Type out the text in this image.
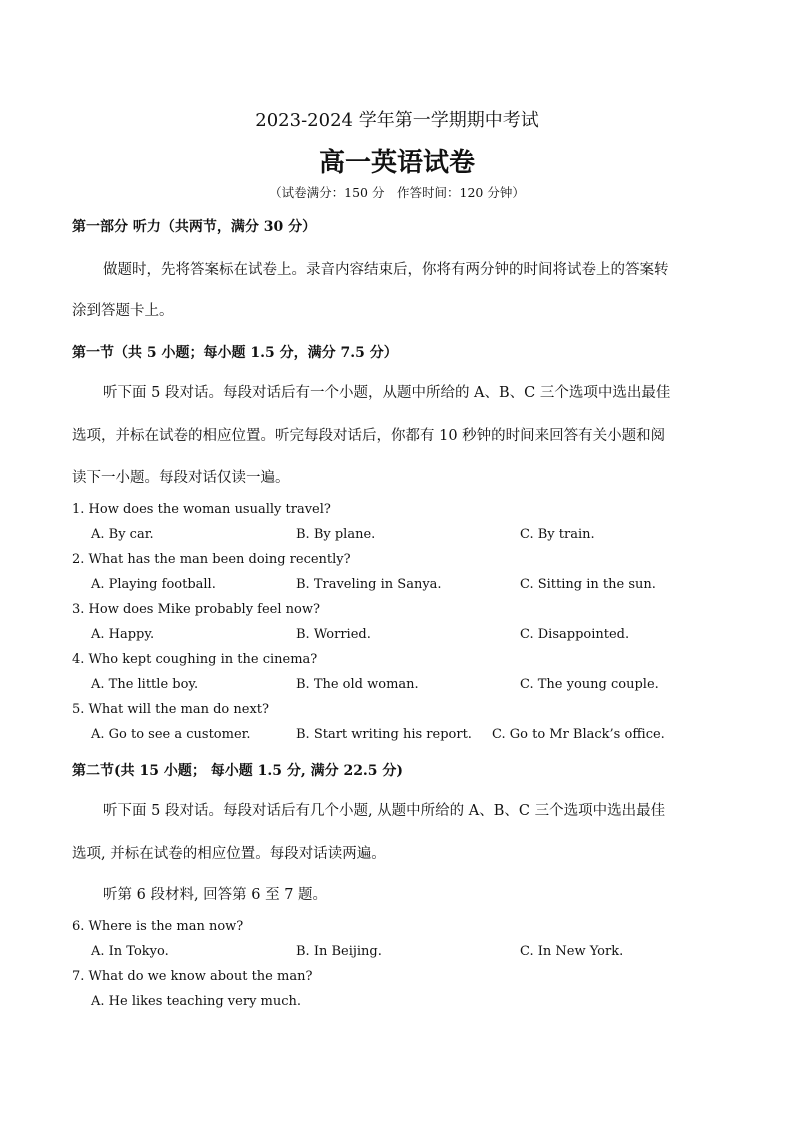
2023-2024 学年第一学期期中考试
高一英语试卷
（试卷满分：150 分　作答时间：120 分钟）
第一部分 听力（共两节，满分 30 分）
做题时，先将答案标在试卷上。录音内容结束后，你将有两分钟的时间将试卷上的答案转
涂到答题卡上。
第一节（共 5 小题；每小题 1.5 分，满分 7.5 分）
听下面 5 段对话。每段对话后有一个小题，从题中所给的 A、B、C 三个选项中选出最佳
选项，并标在试卷的相应位置。听完每段对话后，你都有 10 秒钟的时间来回答有关小题和阅
读下一小题。每段对话仅读一遍。
1. How does the woman usually travel?
A. By car.	B. By plane.	C. By train.
2. What has the man been doing recently?
A. Playing football.	B. Traveling in Sanya.	C. Sitting in the sun.
3. How does Mike probably feel now?
A. Happy.	B. Worried.	C. Disappointed.
4. Who kept coughing in the cinema?
A. The little boy.	B. The old woman.	C. The young couple.
5. What will the man do next?
A. Go to see a customer.	B. Start writing his report. C. Go to Mr Black’s office.
第二节(共 15 小题； 每小题 1.5 分, 满分 22.5 分)
听下面 5 段对话。每段对话后有几个小题, 从题中所给的 A、B、C 三个选项中选出最佳
选项, 并标在试卷的相应位置。每段对话读两遍。
听第 6 段材料, 回答第 6 至 7 题。
6. Where is the man now?
A. In Tokyo.	B. In Beijing.	C. In New York.
7. What do we know about the man?
A. He likes teaching very much.
